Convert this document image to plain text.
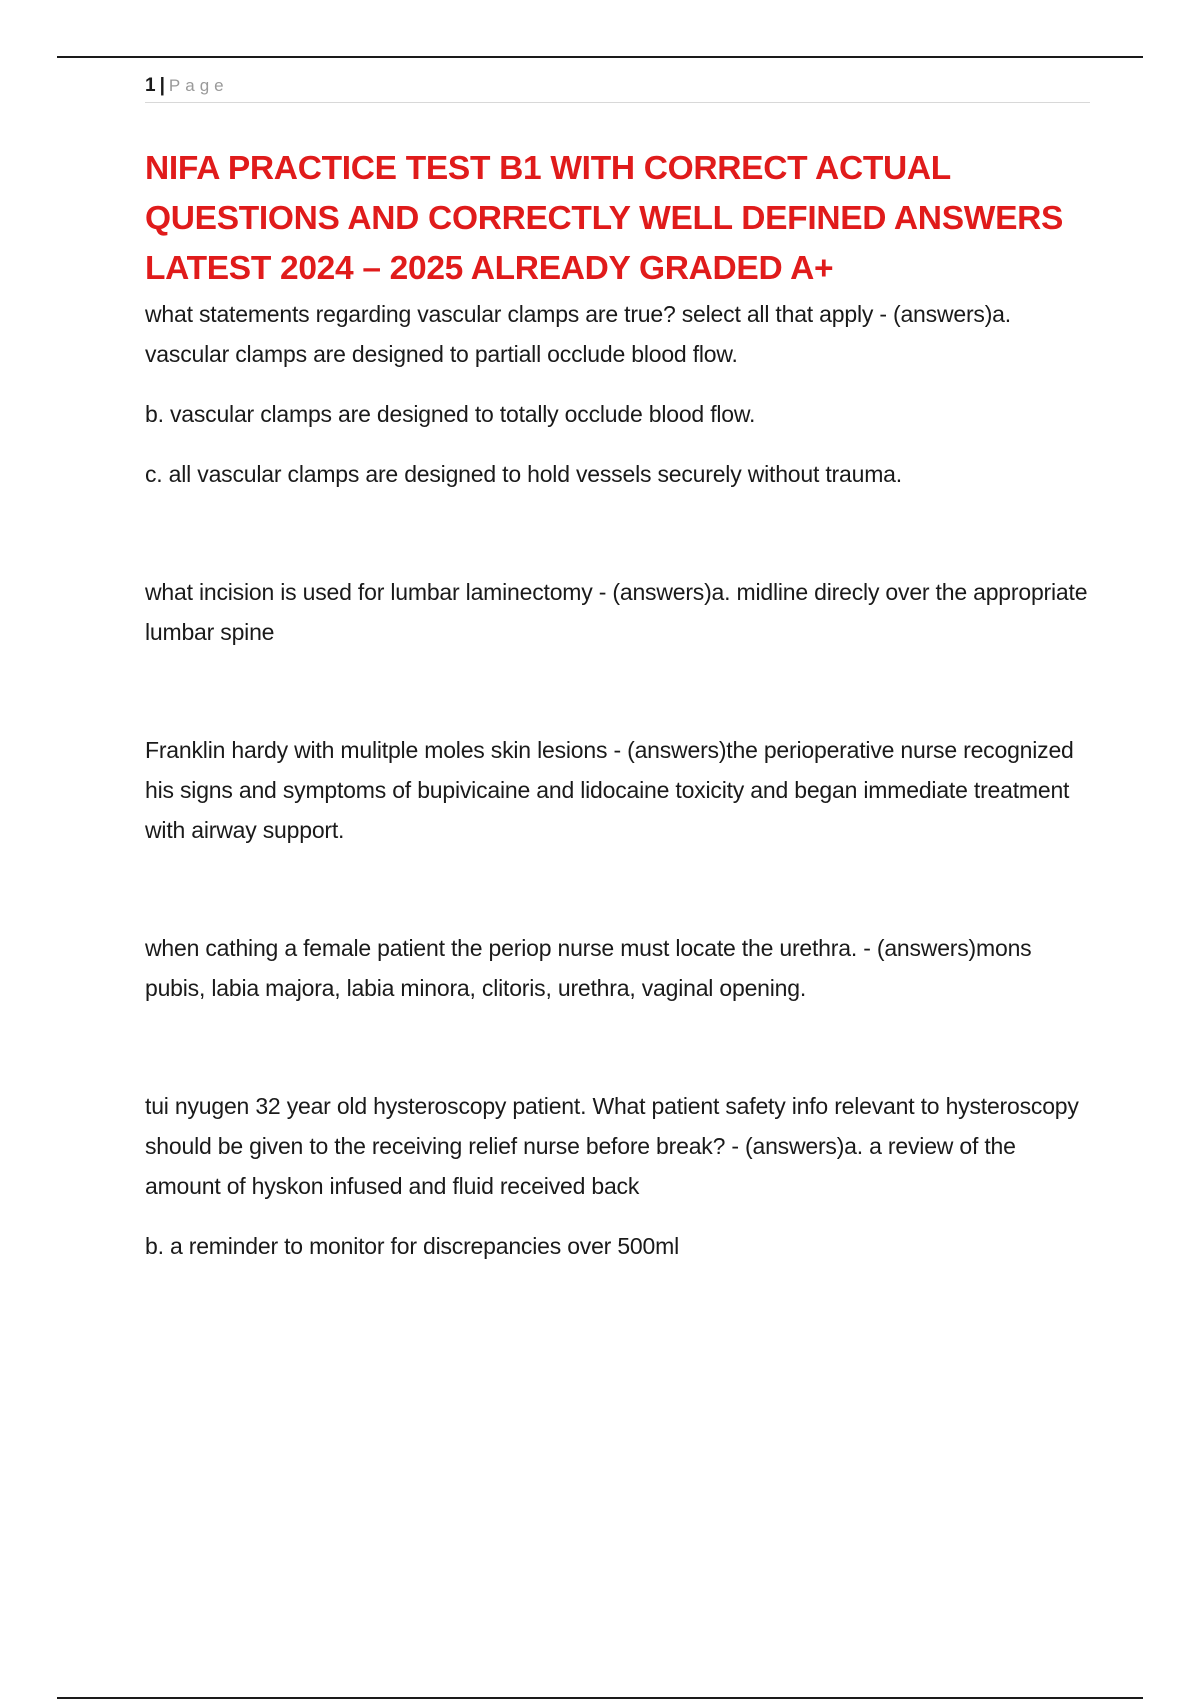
1 | Page
NIFA PRACTICE TEST B1 WITH CORRECT ACTUAL QUESTIONS AND CORRECTLY WELL DEFINED ANSWERS LATEST 2024 – 2025 ALREADY GRADED A+

what statements regarding vascular clamps are true? select all that apply - (answers)a. vascular clamps are designed to partiall occlude blood flow.

b. vascular clamps are designed to totally occlude blood flow.

c. all vascular clamps are designed to hold vessels securely without trauma.

what incision is used for lumbar laminectomy - (answers)a. midline direcly over the appropriate lumbar spine

Franklin hardy with mulitple moles skin lesions - (answers)the perioperative nurse recognized his signs and symptoms of bupivicaine and lidocaine toxicity and began immediate treatment with airway support.

when cathing a female patient the periop nurse must locate the urethra. - (answers)mons pubis, labia majora, labia minora, clitoris, urethra, vaginal opening.

tui nyugen 32 year old hysteroscopy patient. What patient safety info relevant to hysteroscopy should be given to the receiving relief nurse before break? - (answers)a. a review of the amount of hyskon infused and fluid received back

b. a reminder to monitor for discrepancies over 500ml
